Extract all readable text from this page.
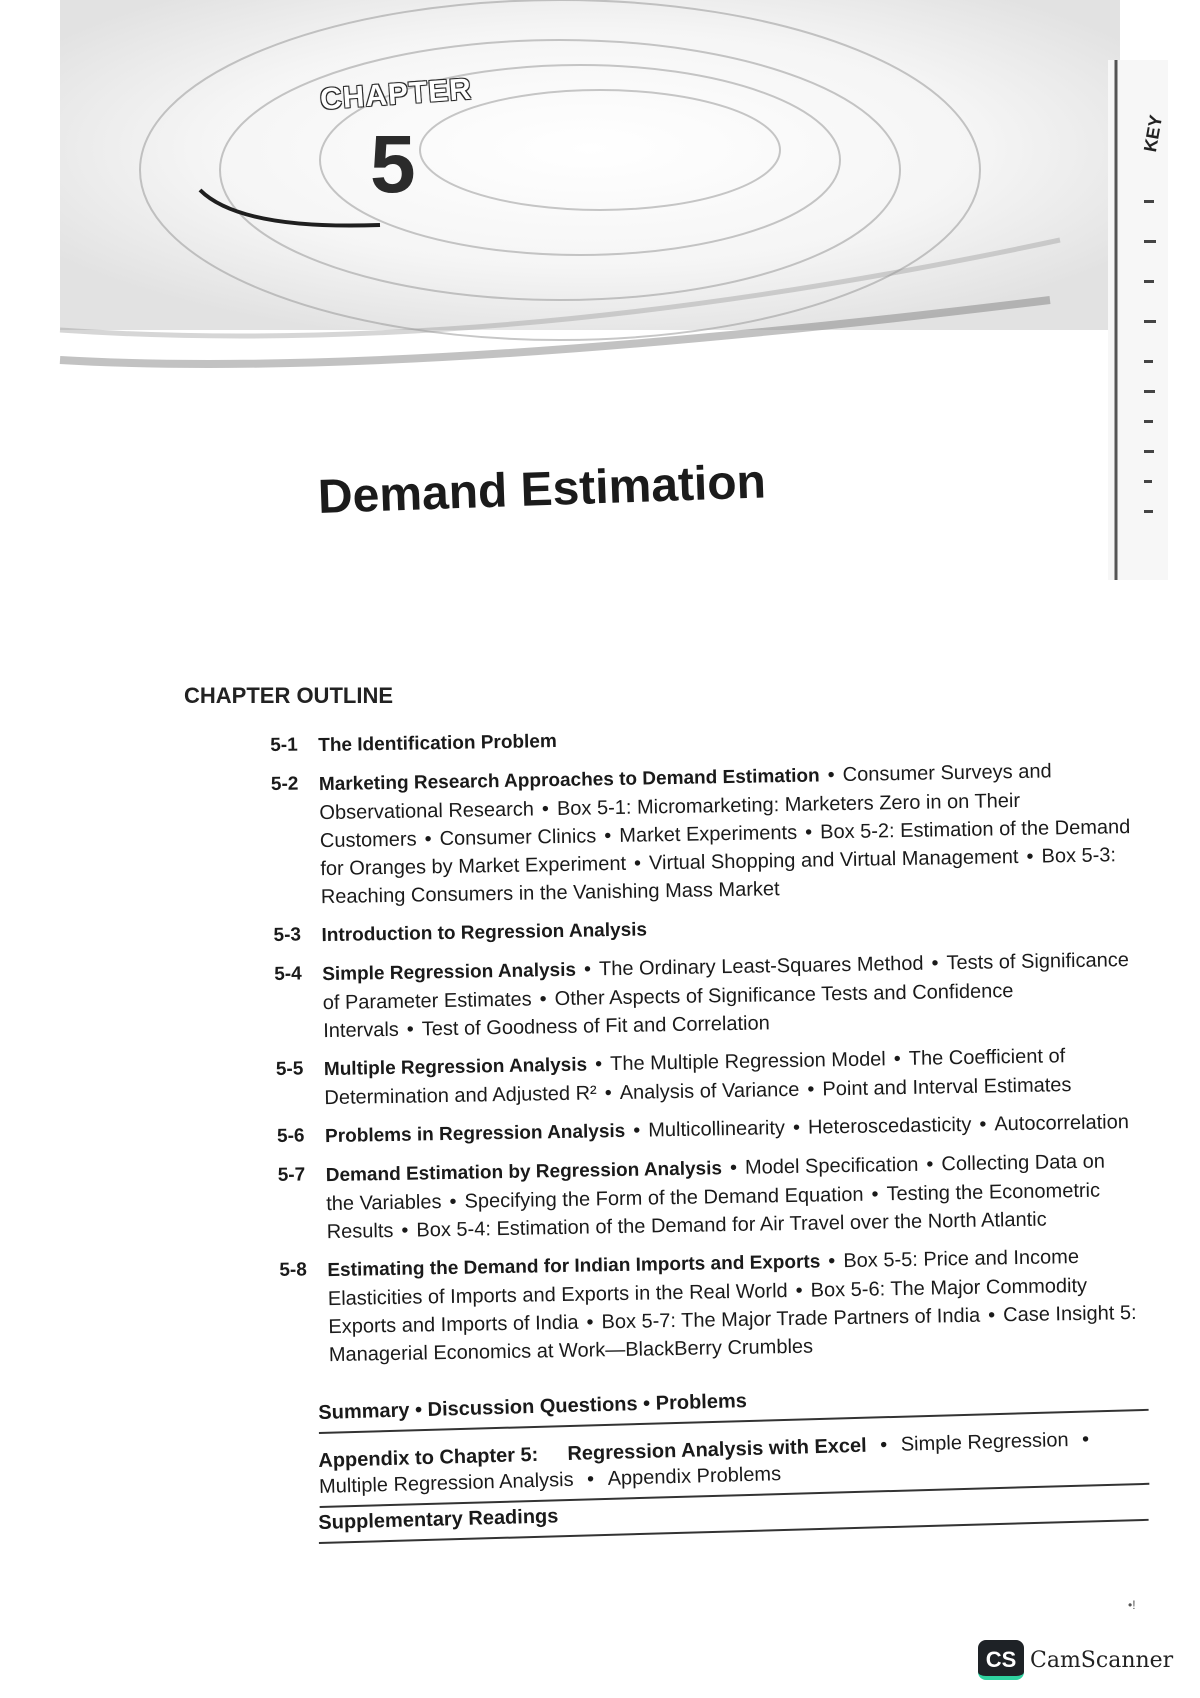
CHAPTER
5	KEY
Demand Estimation
CHAPTER OUTLINE
5-1	The Identification Problem
5-2	Marketing Research Approaches to Demand Estimation • Consumer Surveys and Observational Research • Box 5-1: Micromarketing: Marketers Zero in on Their Customers • Consumer Clinics • Market Experiments • Box 5-2: Estimation of the Demand for Oranges by Market Experiment • Virtual Shopping and Virtual Management • Box 5-3: Reaching Consumers in the Vanishing Mass Market
5-3	Introduction to Regression Analysis
5-4	Simple Regression Analysis • The Ordinary Least-Squares Method • Tests of Significance of Parameter Estimates • Other Aspects of Significance Tests and Confidence Intervals • Test of Goodness of Fit and Correlation
5-5	Multiple Regression Analysis • The Multiple Regression Model • The Coefficient of Determination and Adjusted R² • Analysis of Variance • Point and Interval Estimates
5-6	Problems in Regression Analysis • Multicollinearity • Heteroscedasticity • Autocorrelation
5-7	Demand Estimation by Regression Analysis • Model Specification • Collecting Data on the Variables • Specifying the Form of the Demand Equation • Testing the Econometric Results • Box 5-4: Estimation of the Demand for Air Travel over the North Atlantic
5-8	Estimating the Demand for Indian Imports and Exports • Box 5-5: Price and Income Elasticities of Imports and Exports in the Real World • Box 5-6: The Major Commodity Exports and Imports of India • Box 5-7: The Major Trade Partners of India • Case Insight 5: Managerial Economics at Work—BlackBerry Crumbles
Summary • Discussion Questions • Problems
Appendix to Chapter 5: Regression Analysis with Excel • Simple Regression • Multiple Regression Analysis • Appendix Problems
Supplementary Readings
•!
CS CamScanner
